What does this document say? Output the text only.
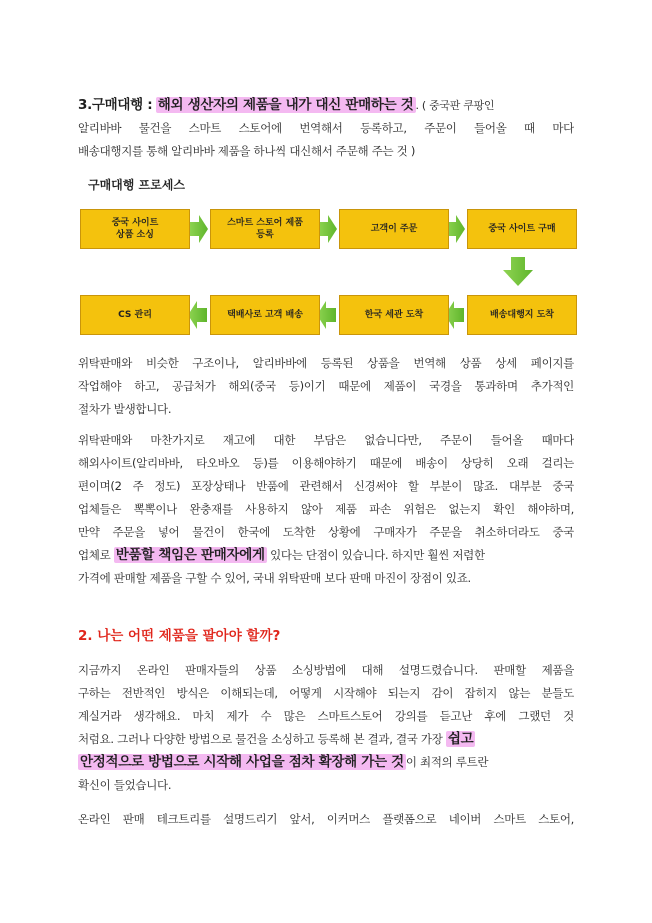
3.구매대행 : 해외 생산자의 제품을 내가 대신 판매하는 것 . ( 중국판 쿠팡인
알리바바 물건을 스마트 스토어에 번역해서 등록하고, 주문이 들어올 때 마다
배송대행지를 통해 알리바바 제품을 하나씩 대신해서 주문해 주는 것 )
구매대행 프로세스
중국 사이트
상품 소싱
스마트 스토어 제품
등록
고객이 주문	중국 사이트 구매
배송대행지 도착
한국 세관 도착
택배사로 고객 배송
CS 관리
위탁판매와 비슷한 구조이나, 알리바바에 등록된 상품을 번역해 상품 상세 페이지를
작업해야 하고, 공급처가 해외(중국 등)이기 때문에 제품이 국경을 통과하며 추가적인
절차가 발생합니다.
위탁판매와 마찬가지로 재고에 대한 부담은 없습니다만, 주문이 들어올 때마다
해외사이트(알리바바, 타오바오 등)를 이용해야하기 때문에 배송이 상당히 오래 걸리는
편이며(2 주 정도) 포장상태나 반품에 관련해서 신경써야 할 부분이 많죠. 대부분 중국
업체들은 뽁뽁이나 완충재를 사용하지 않아 제품 파손 위험은 없는지 확인 해야하며,
만약 주문을 넣어 물건이 한국에 도착한 상황에 구매자가 주문을 취소하더라도 중국
업체로 반품할 책임은 판매자에게 있다는 단점이 있습니다. 하지만 훨씬 저렴한
가격에 판매할 제품을 구할 수 있어, 국내 위탁판매 보다 판매 마진이 장점이 있죠.
2. 나는 어떤 제품을 팔아야 할까?
지금까지 온라인 판매자들의 상품 소싱방법에 대해 설명드렸습니다. 판매할 제품을
구하는 전반적인 방식은 이해되는데, 어떻게 시작해야 되는지 감이 잡히지 않는 분들도
계실거라 생각해요. 마치 제가 수 많은 스마트스토어 강의를 듣고난 후에 그랬던 것
처럼요. 그러나 다양한 방법으로 물건을 소싱하고 등록해 본 결과, 결국 가장 쉽고
안정적으로 방법으로 시작해 사업을 점차 확장해 가는 것 이 최적의 루트란
확신이 들었습니다.
온라인 판매 테크트리를 설명드리기 앞서, 이커머스 플랫폼으로 네이버 스마트 스토어,
